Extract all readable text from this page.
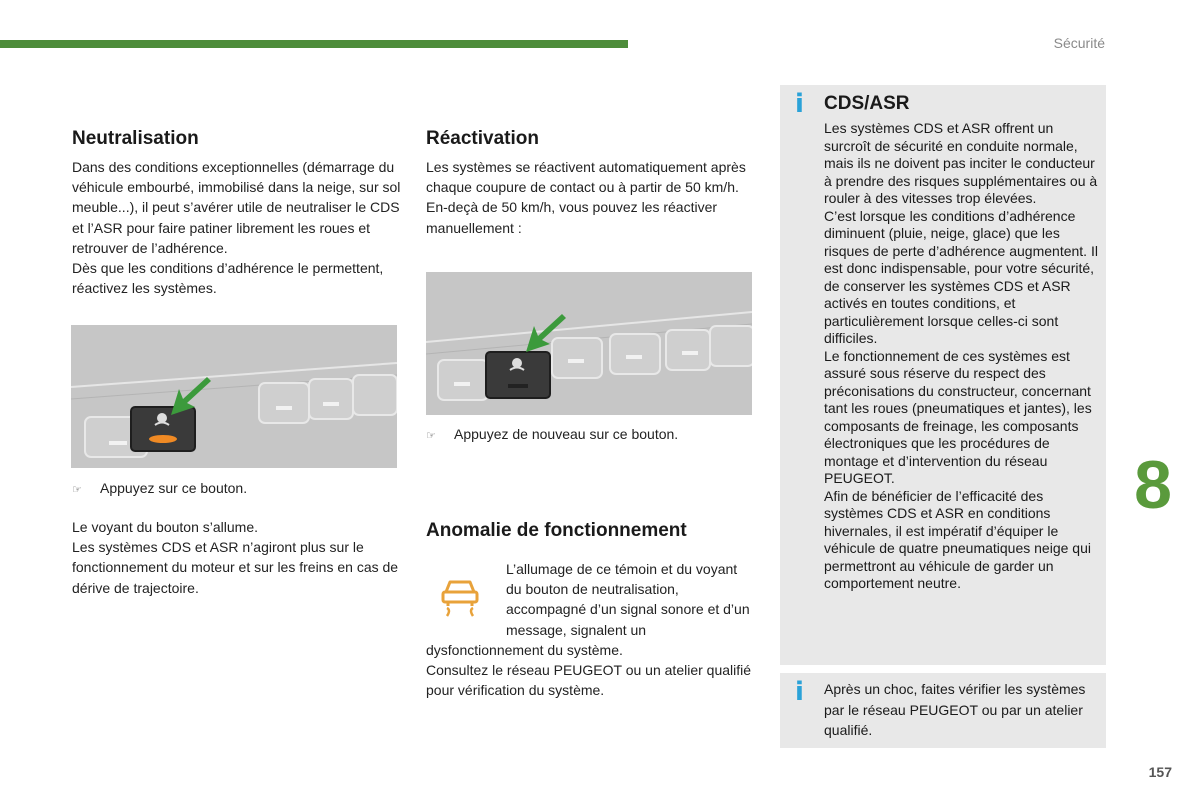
Sécurité
Neutralisation

Dans des conditions exceptionnelles (démarrage du véhicule embourbé, immobilisé dans la neige, sur sol meuble...), il peut s’avérer utile de neutraliser le CDS et l’ASR pour faire patiner librement les roues et retrouver de l’adhérence.

Dès que les conditions d’adhérence le permettent, réactivez les systèmes.

☞ Appuyez sur ce bouton.

Le voyant du bouton s’allume.

Les systèmes CDS et ASR n’agiront plus sur le fonctionnement du moteur et sur les freins en cas de dérive de trajectoire.

Réactivation

Les systèmes se réactivent automatiquement après chaque coupure de contact ou à partir de 50 km/h.

En-deçà de 50 km/h, vous pouvez les réactiver manuellement :

☞ Appuyez de nouveau sur ce bouton.
Anomalie de fonctionnement
L’allumage de ce témoin et du voyant du bouton de neutralisation, accompagné d’un signal sonore et d’un message, signalent un

dysfonctionnement du système.

Consultez le réseau PEUGEOT ou un atelier qualifié pour vérification du système.

i CDS/ASR

Les systèmes CDS et ASR offrent un surcroît de sécurité en conduite normale, mais ils ne doivent pas inciter le conducteur à prendre des risques supplémentaires ou à rouler à des vitesses trop élevées.

C’est lorsque les conditions d’adhérence diminuent (pluie, neige, glace) que les risques de perte d’adhérence augmentent. Il est donc indispensable, pour votre sécurité, de conserver les systèmes CDS et ASR activés en toutes conditions, et particulièrement lorsque celles-ci sont difficiles.

Le fonctionnement de ces systèmes est assuré sous réserve du respect des préconisations du constructeur, concernant tant les roues (pneumatiques et jantes), les composants de freinage, les composants électroniques que les procédures de montage et d’intervention du réseau PEUGEOT.

Afin de bénéficier de l’efficacité des systèmes CDS et ASR en conditions hivernales, il est impératif d’équiper le véhicule de quatre pneumatiques neige qui permettront au véhicule de garder un comportement neutre.

i Après un choc, faites vérifier les systèmes par le réseau PEUGEOT ou par un atelier qualifié.
8
157
